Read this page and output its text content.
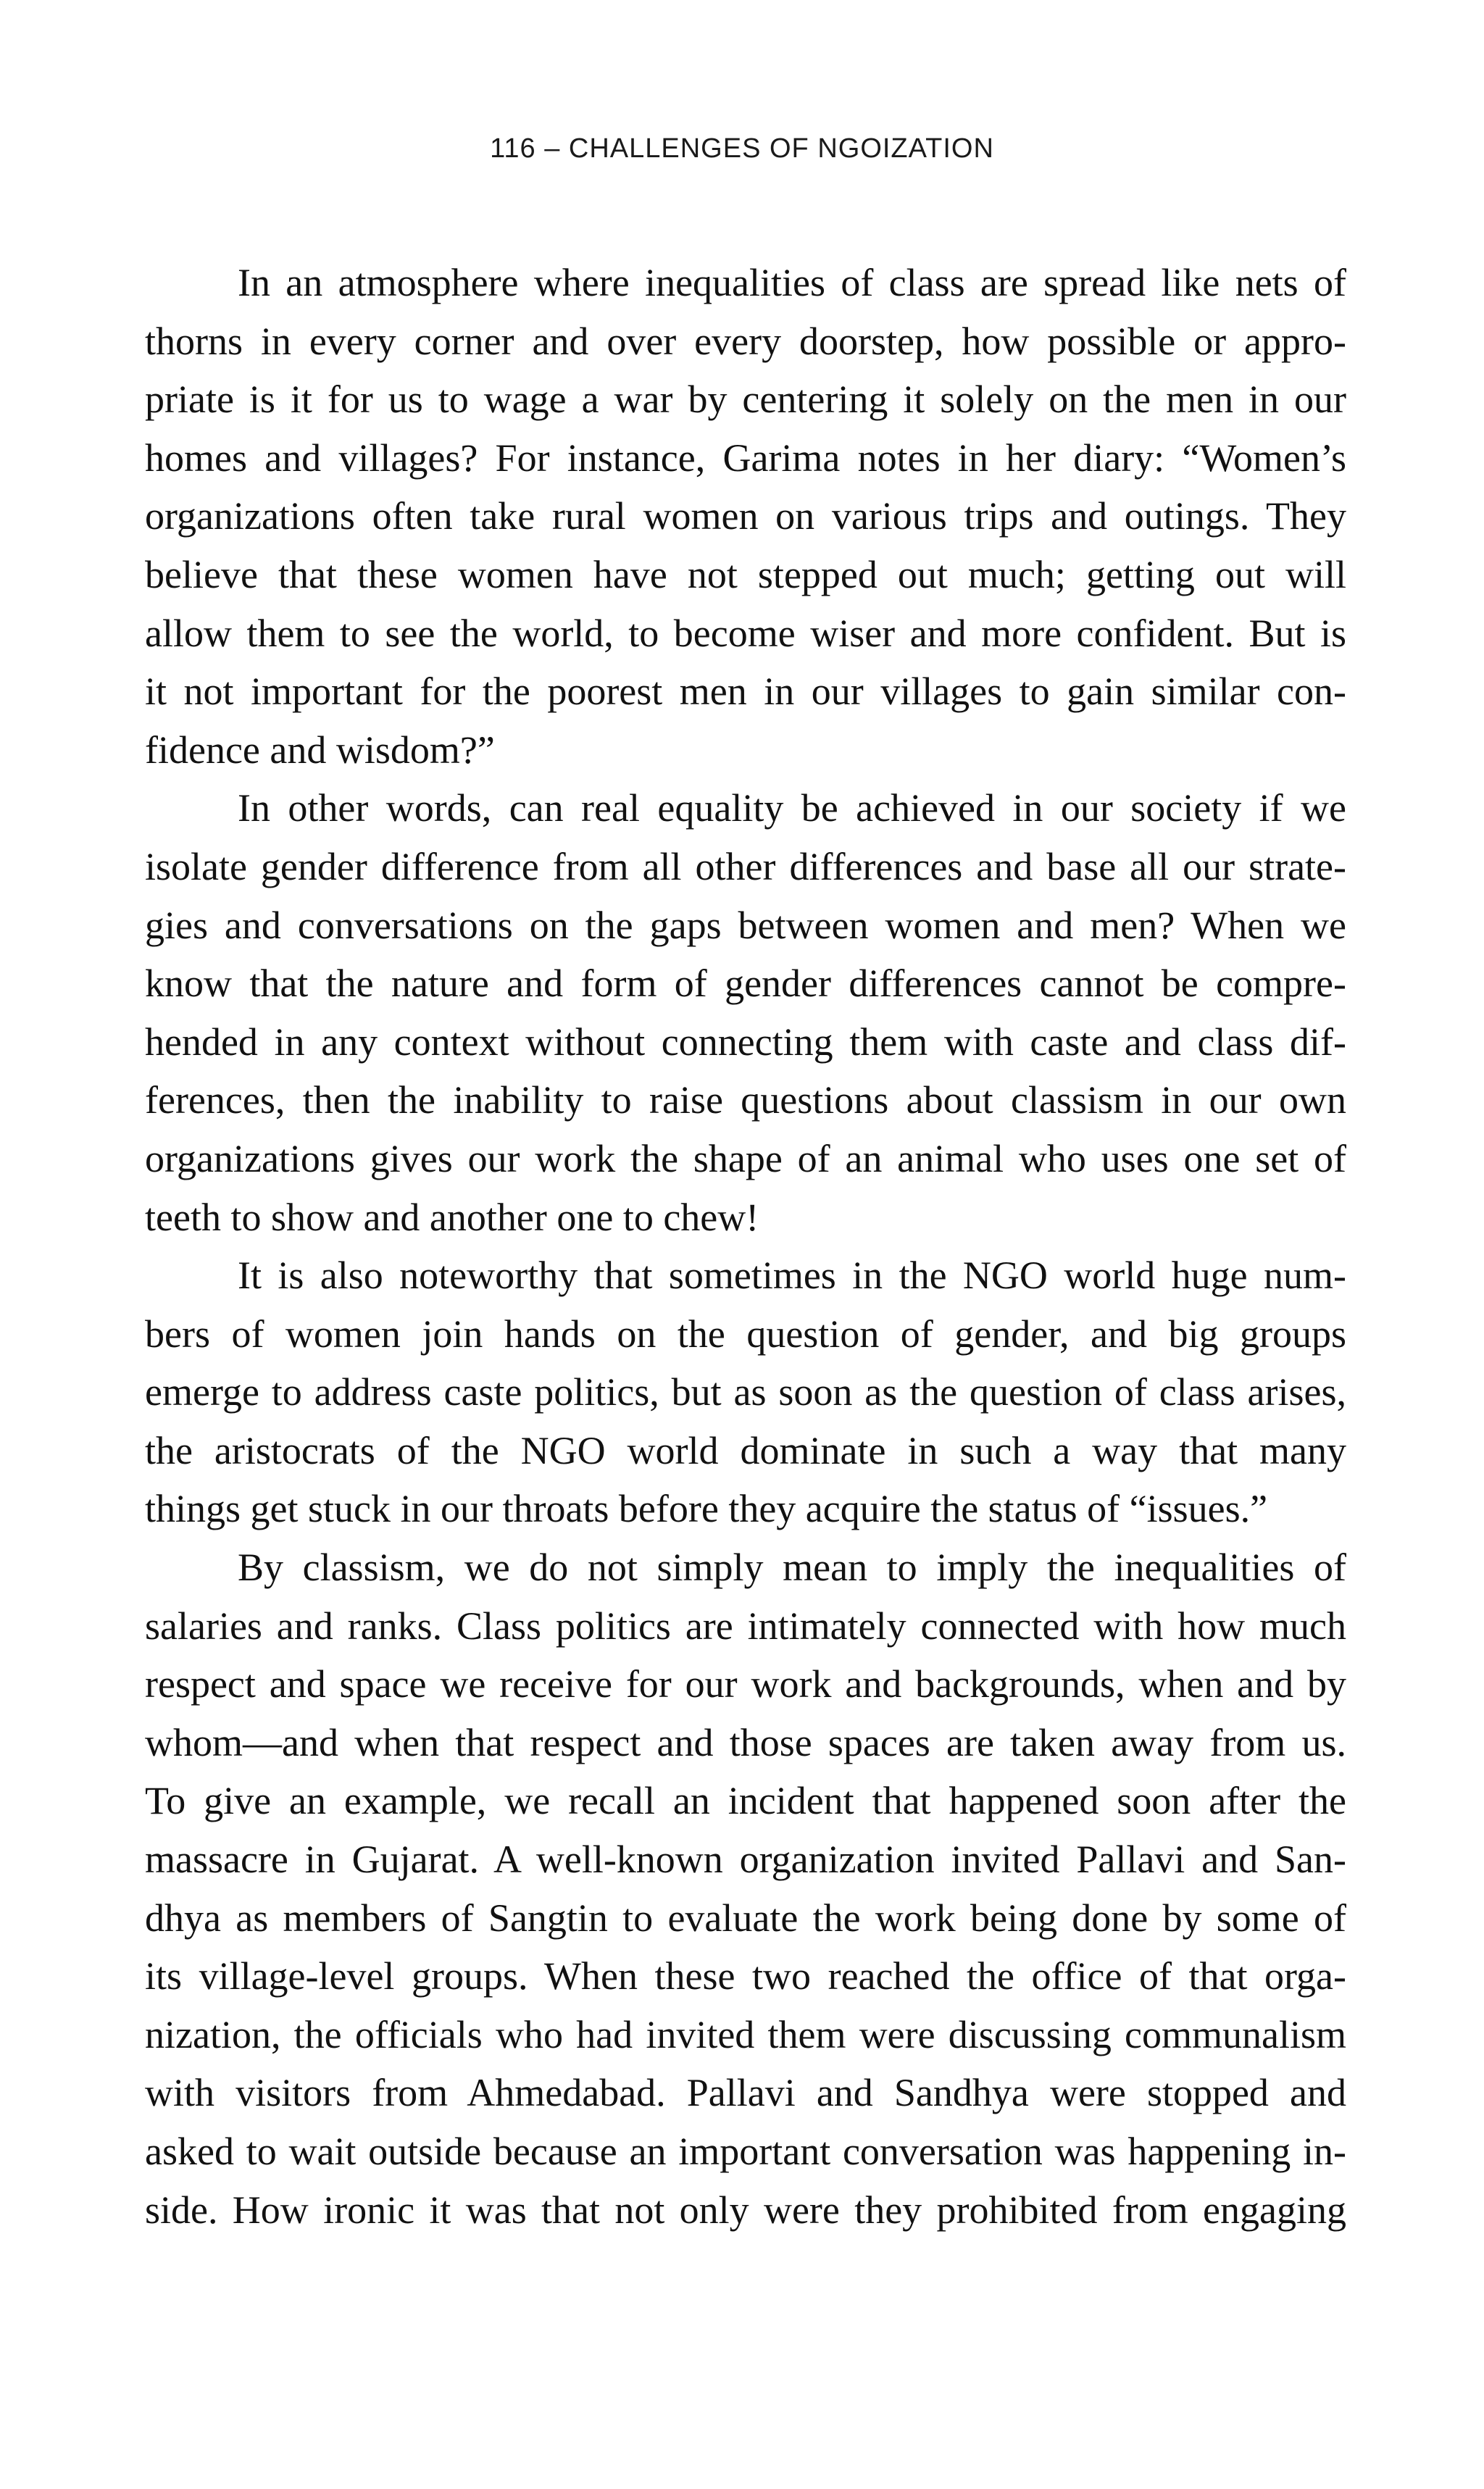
116 – CHALLENGES OF NGOIZATION
In an atmosphere where inequalities of class are spread like nets of
thorns in every corner and over every doorstep, how possible or appro-
priate is it for us to wage a war by centering it solely on the men in our
homes and villages? For instance, Garima notes in her diary: “Women’s
organizations often take rural women on various trips and outings. They
believe that these women have not stepped out much; getting out will
allow them to see the world, to become wiser and more confident. But is
it not important for the poorest men in our villages to gain similar con-
fidence and wisdom?”
In other words, can real equality be achieved in our society if we
isolate gender difference from all other differences and base all our strate-
gies and conversations on the gaps between women and men? When we
know that the nature and form of gender differences cannot be compre-
hended in any context without connecting them with caste and class dif-
ferences, then the inability to raise questions about classism in our own
organizations gives our work the shape of an animal who uses one set of
teeth to show and another one to chew!
It is also noteworthy that sometimes in the NGO world huge num-
bers of women join hands on the question of gender, and big groups
emerge to address caste politics, but as soon as the question of class arises,
the aristocrats of the NGO world dominate in such a way that many
things get stuck in our throats before they acquire the status of “issues.”
By classism, we do not simply mean to imply the inequalities of
salaries and ranks. Class politics are intimately connected with how much
respect and space we receive for our work and backgrounds, when and by
whom—and when that respect and those spaces are taken away from us.
To give an example, we recall an incident that happened soon after the
massacre in Gujarat. A well-known organization invited Pallavi and San-
dhya as members of Sangtin to evaluate the work being done by some of
its village-level groups. When these two reached the office of that orga-
nization, the officials who had invited them were discussing communalism
with visitors from Ahmedabad. Pallavi and Sandhya were stopped and
asked to wait outside because an important conversation was happening in-
side. How ironic it was that not only were they prohibited from engaging
